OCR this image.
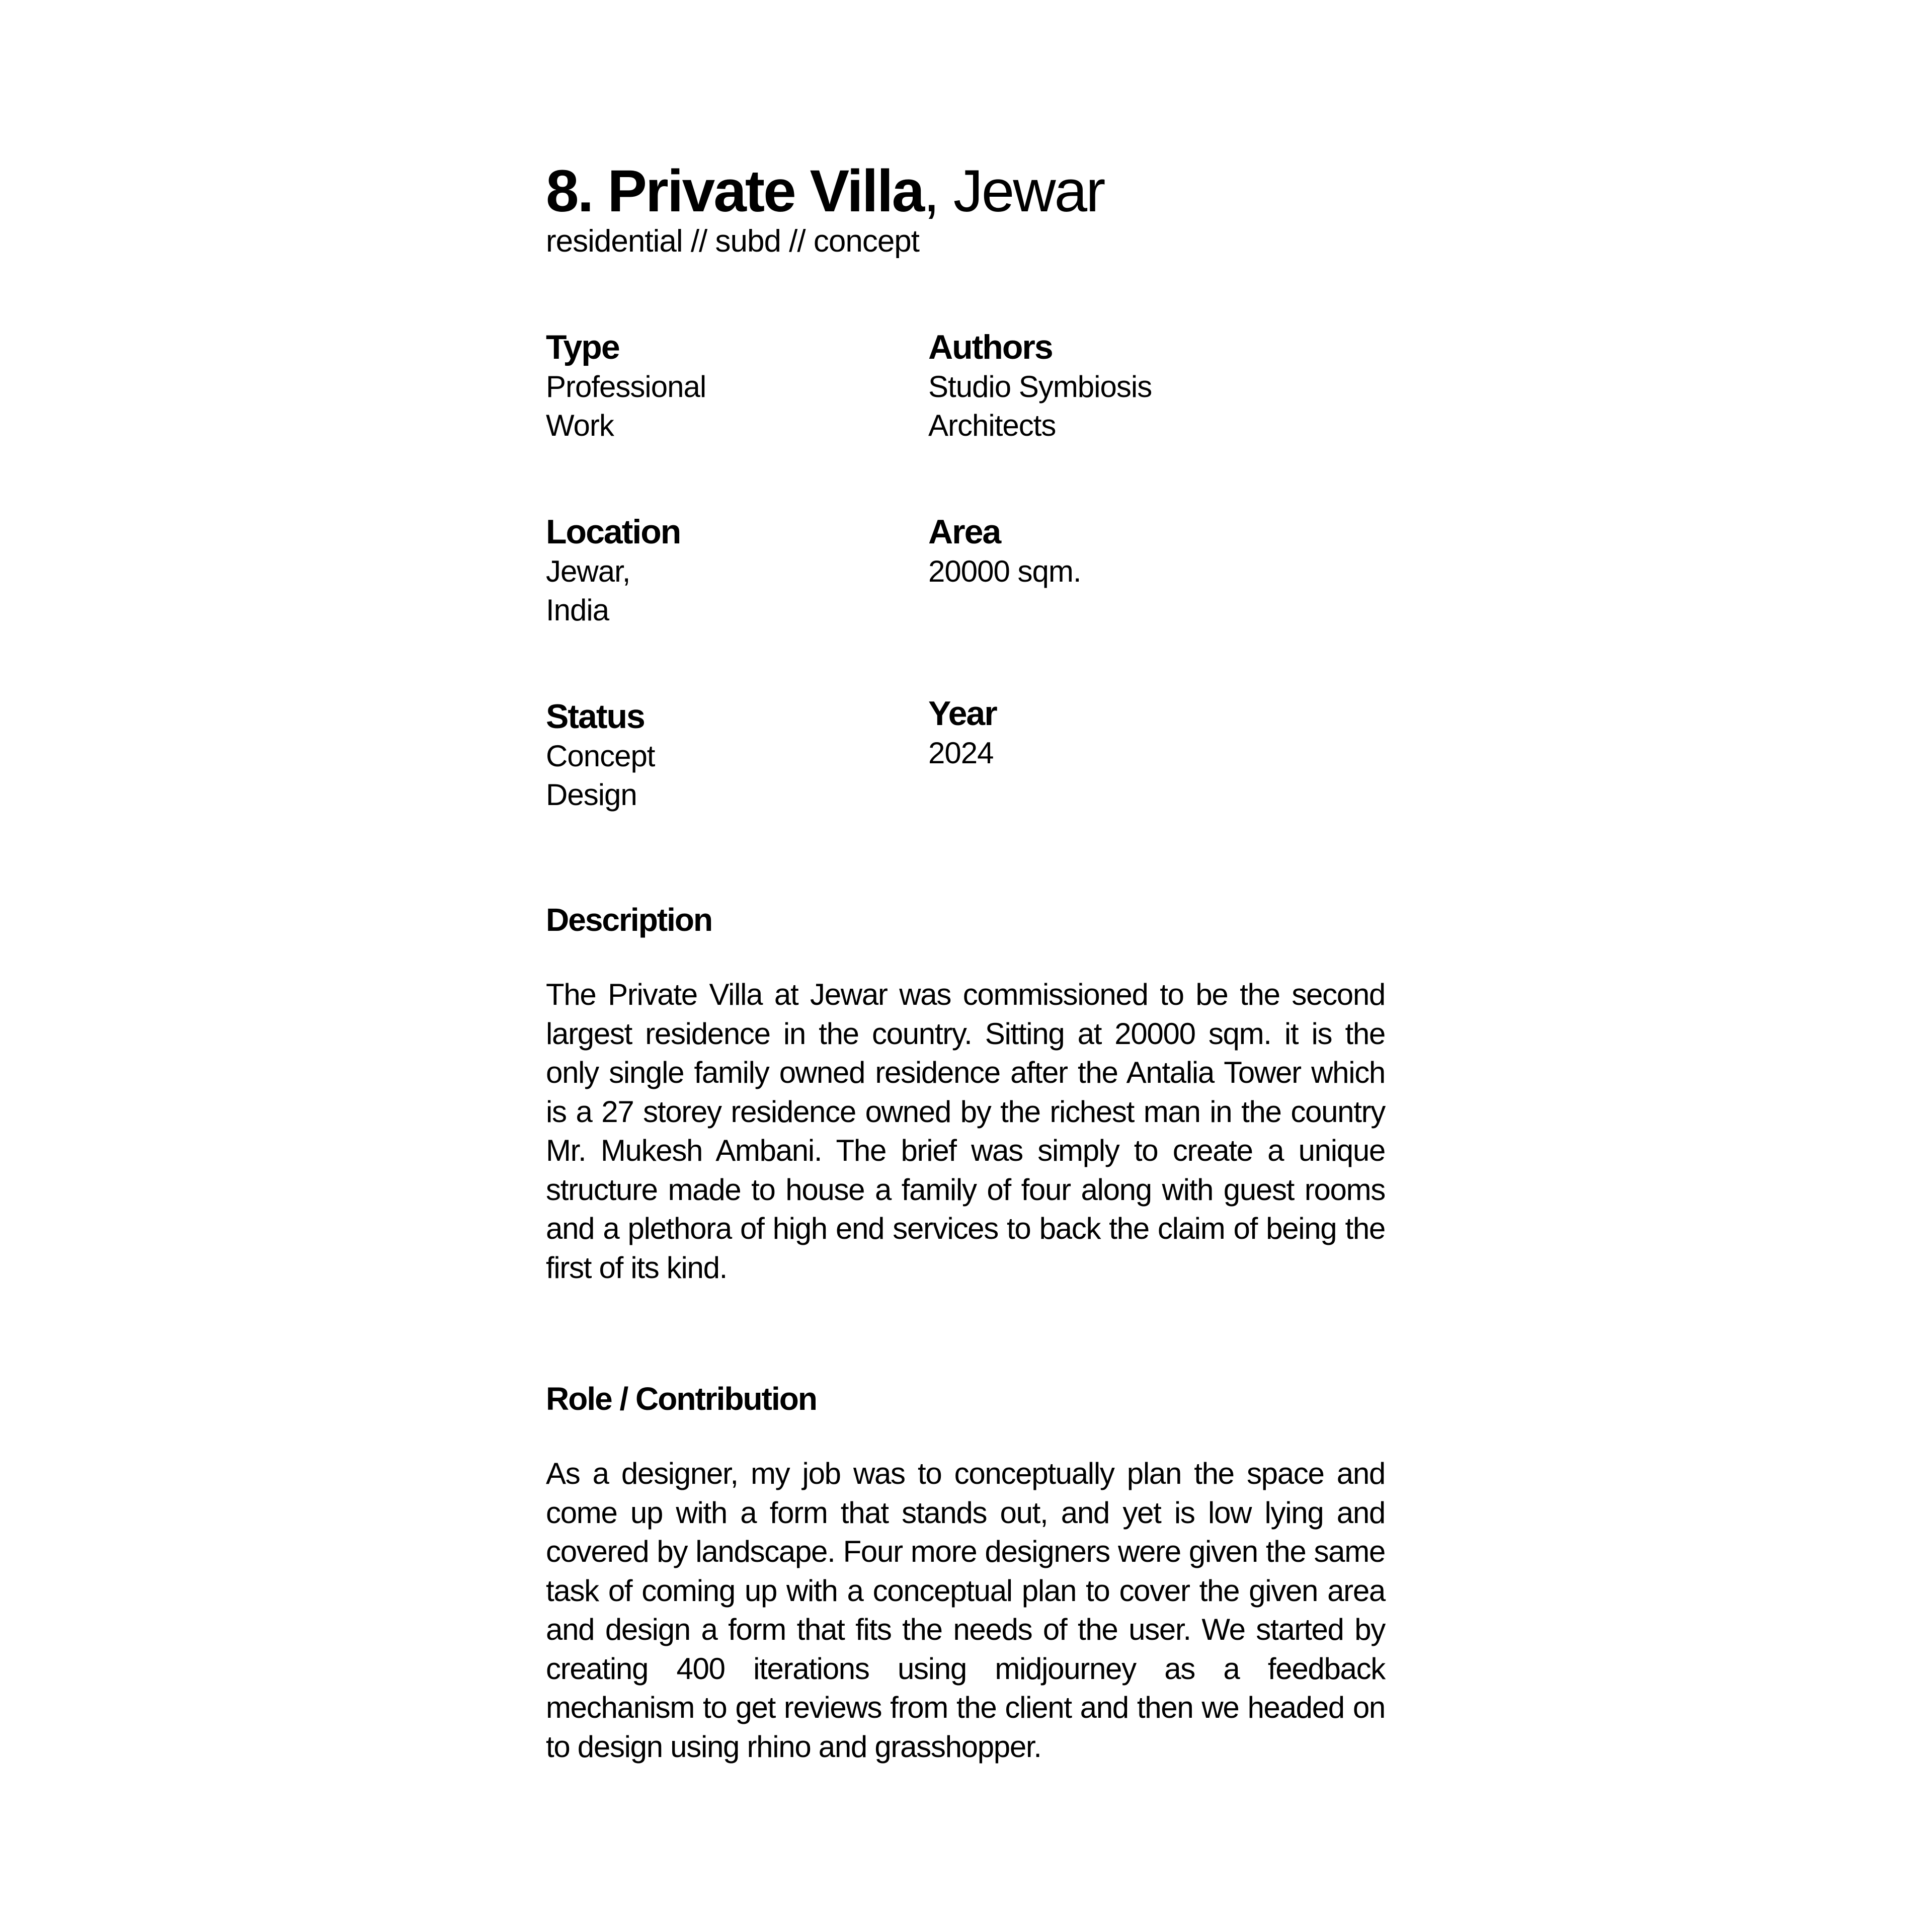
8. Private Villa, Jewar
residential // subd // concept
Type
Professional
Work
Authors
Studio Symbiosis
Architects
Location
Jewar,
India
Area
20000 sqm.
Status
Concept
Design
Year
2024
Description

The Private Villa at Jewar was commissioned to be the second largest residence in the country. Sitting at 20000 sqm. it is the only single family owned residence after the Antalia Tower which is a 27 storey residence owned by the richest man in the country Mr. Mukesh Ambani. The brief was simply to create a unique structure made to house a family of four along with guest rooms and a plethora of high end services to back the claim of being the first of its kind.

Role / Contribution

As a designer, my job was to conceptually plan the space and come up with a form that stands out, and yet is low lying and covered by landscape. Four more designers were given the same task of coming up with a conceptual plan to cover the given area and design a form that fits the needs of the user. We started by creating 400 iterations using midjourney as a feedback mechanism to get reviews from the client and then we headed on to design using rhino and grasshopper.
